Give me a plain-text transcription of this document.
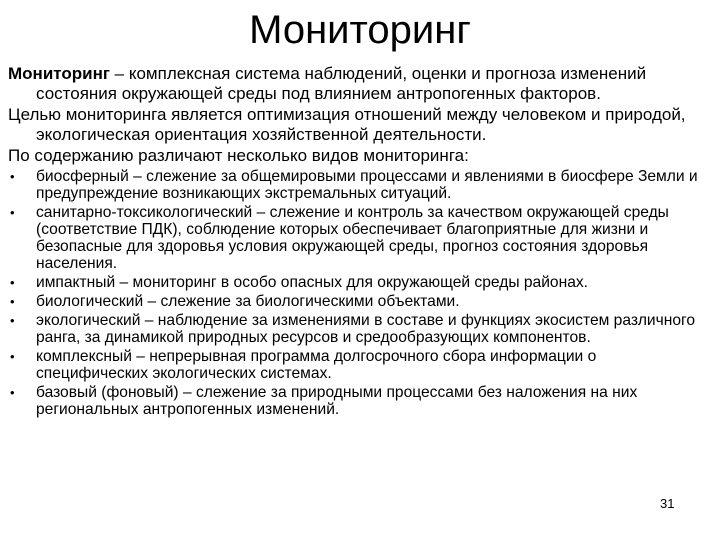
Мониторинг

Мониторинг – комплексная система наблюдений, оценки и прогноза изменений состояния окружающей среды под влиянием антропогенных факторов.

Целью мониторинга является оптимизация отношений между человеком и природой, экологическая ориентация хозяйственной деятельности.

По содержанию различают несколько видов мониторинга:

• биосферный – слежение за общемировыми процессами и явлениями в биосфере Земли и предупреждение возникающих экстремальных ситуаций.
• санитарно-токсикологический – слежение и контроль за качеством окружающей среды (соответствие ПДК), соблюдение которых обеспечивает благоприятные для жизни и безопасные для здоровья условия окружающей среды, прогноз состояния здоровья населения.
• импактный – мониторинг в особо опасных для окружающей среды районах.
• биологический – слежение за биологическими объектами.
• экологический – наблюдение за изменениями в составе и функциях экосистем различного ранга, за динамикой природных ресурсов и средообразующих компонентов.
• комплексный – непрерывная программа долгосрочного сбора информации о специфических экологических системах.
• базовый (фоновый) – слежение за природными процессами без наложения на них региональных антропогенных изменений.
31
